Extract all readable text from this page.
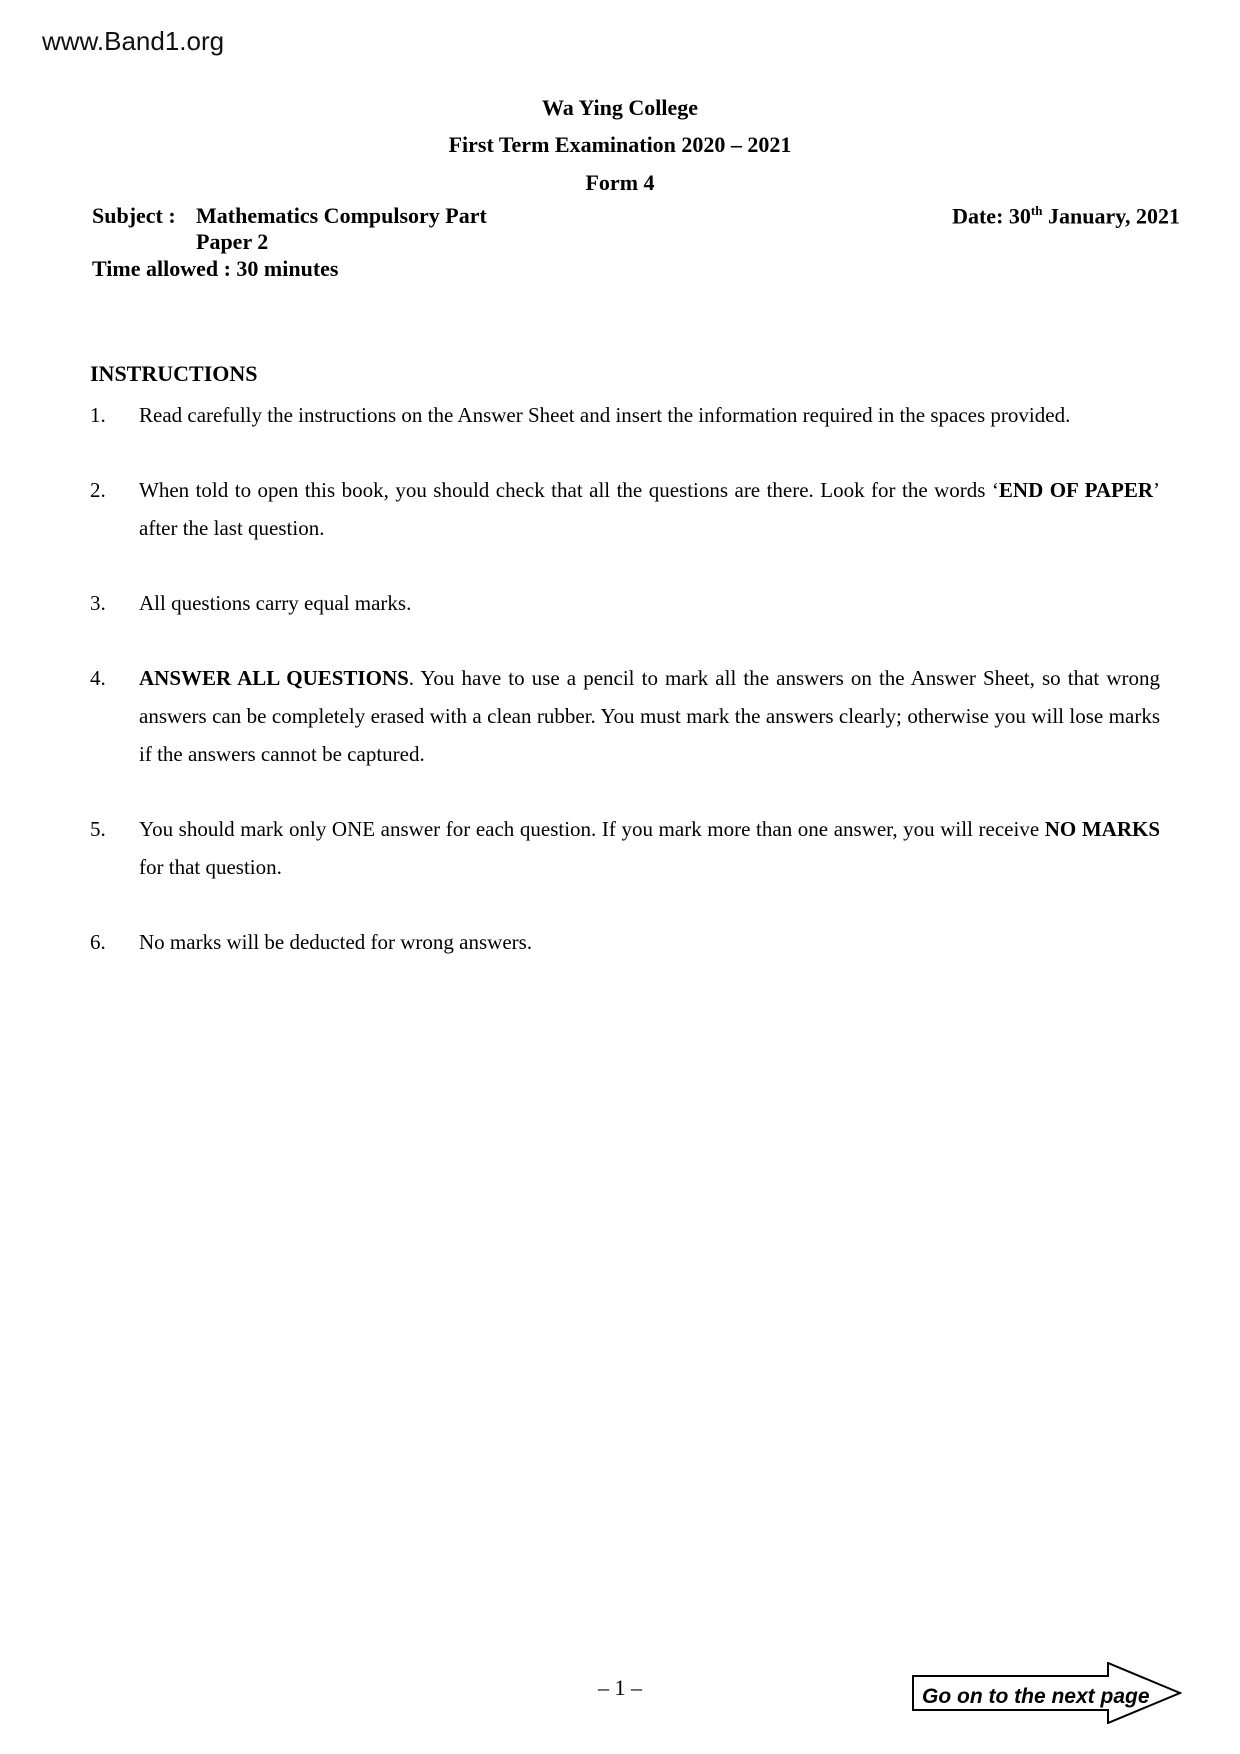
www.Band1.org
Wa Ying College
First Term Examination 2020 – 2021
Form 4
Subject : Mathematics Compulsory Part
Paper 2
Time allowed : 30 minutes
Date: 30th January, 2021
INSTRUCTIONS
1. Read carefully the instructions on the Answer Sheet and insert the information required in the spaces provided.
2. When told to open this book, you should check that all the questions are there. Look for the words ‘END OF PAPER’ after the last question.
3. All questions carry equal marks.
4. ANSWER ALL QUESTIONS. You have to use a pencil to mark all the answers on the Answer Sheet, so that wrong answers can be completely erased with a clean rubber. You must mark the answers clearly; otherwise you will lose marks if the answers cannot be captured.
5. You should mark only ONE answer for each question. If you mark more than one answer, you will receive NO MARKS for that question.
6. No marks will be deducted for wrong answers.
– 1 –	Go on to the next page
